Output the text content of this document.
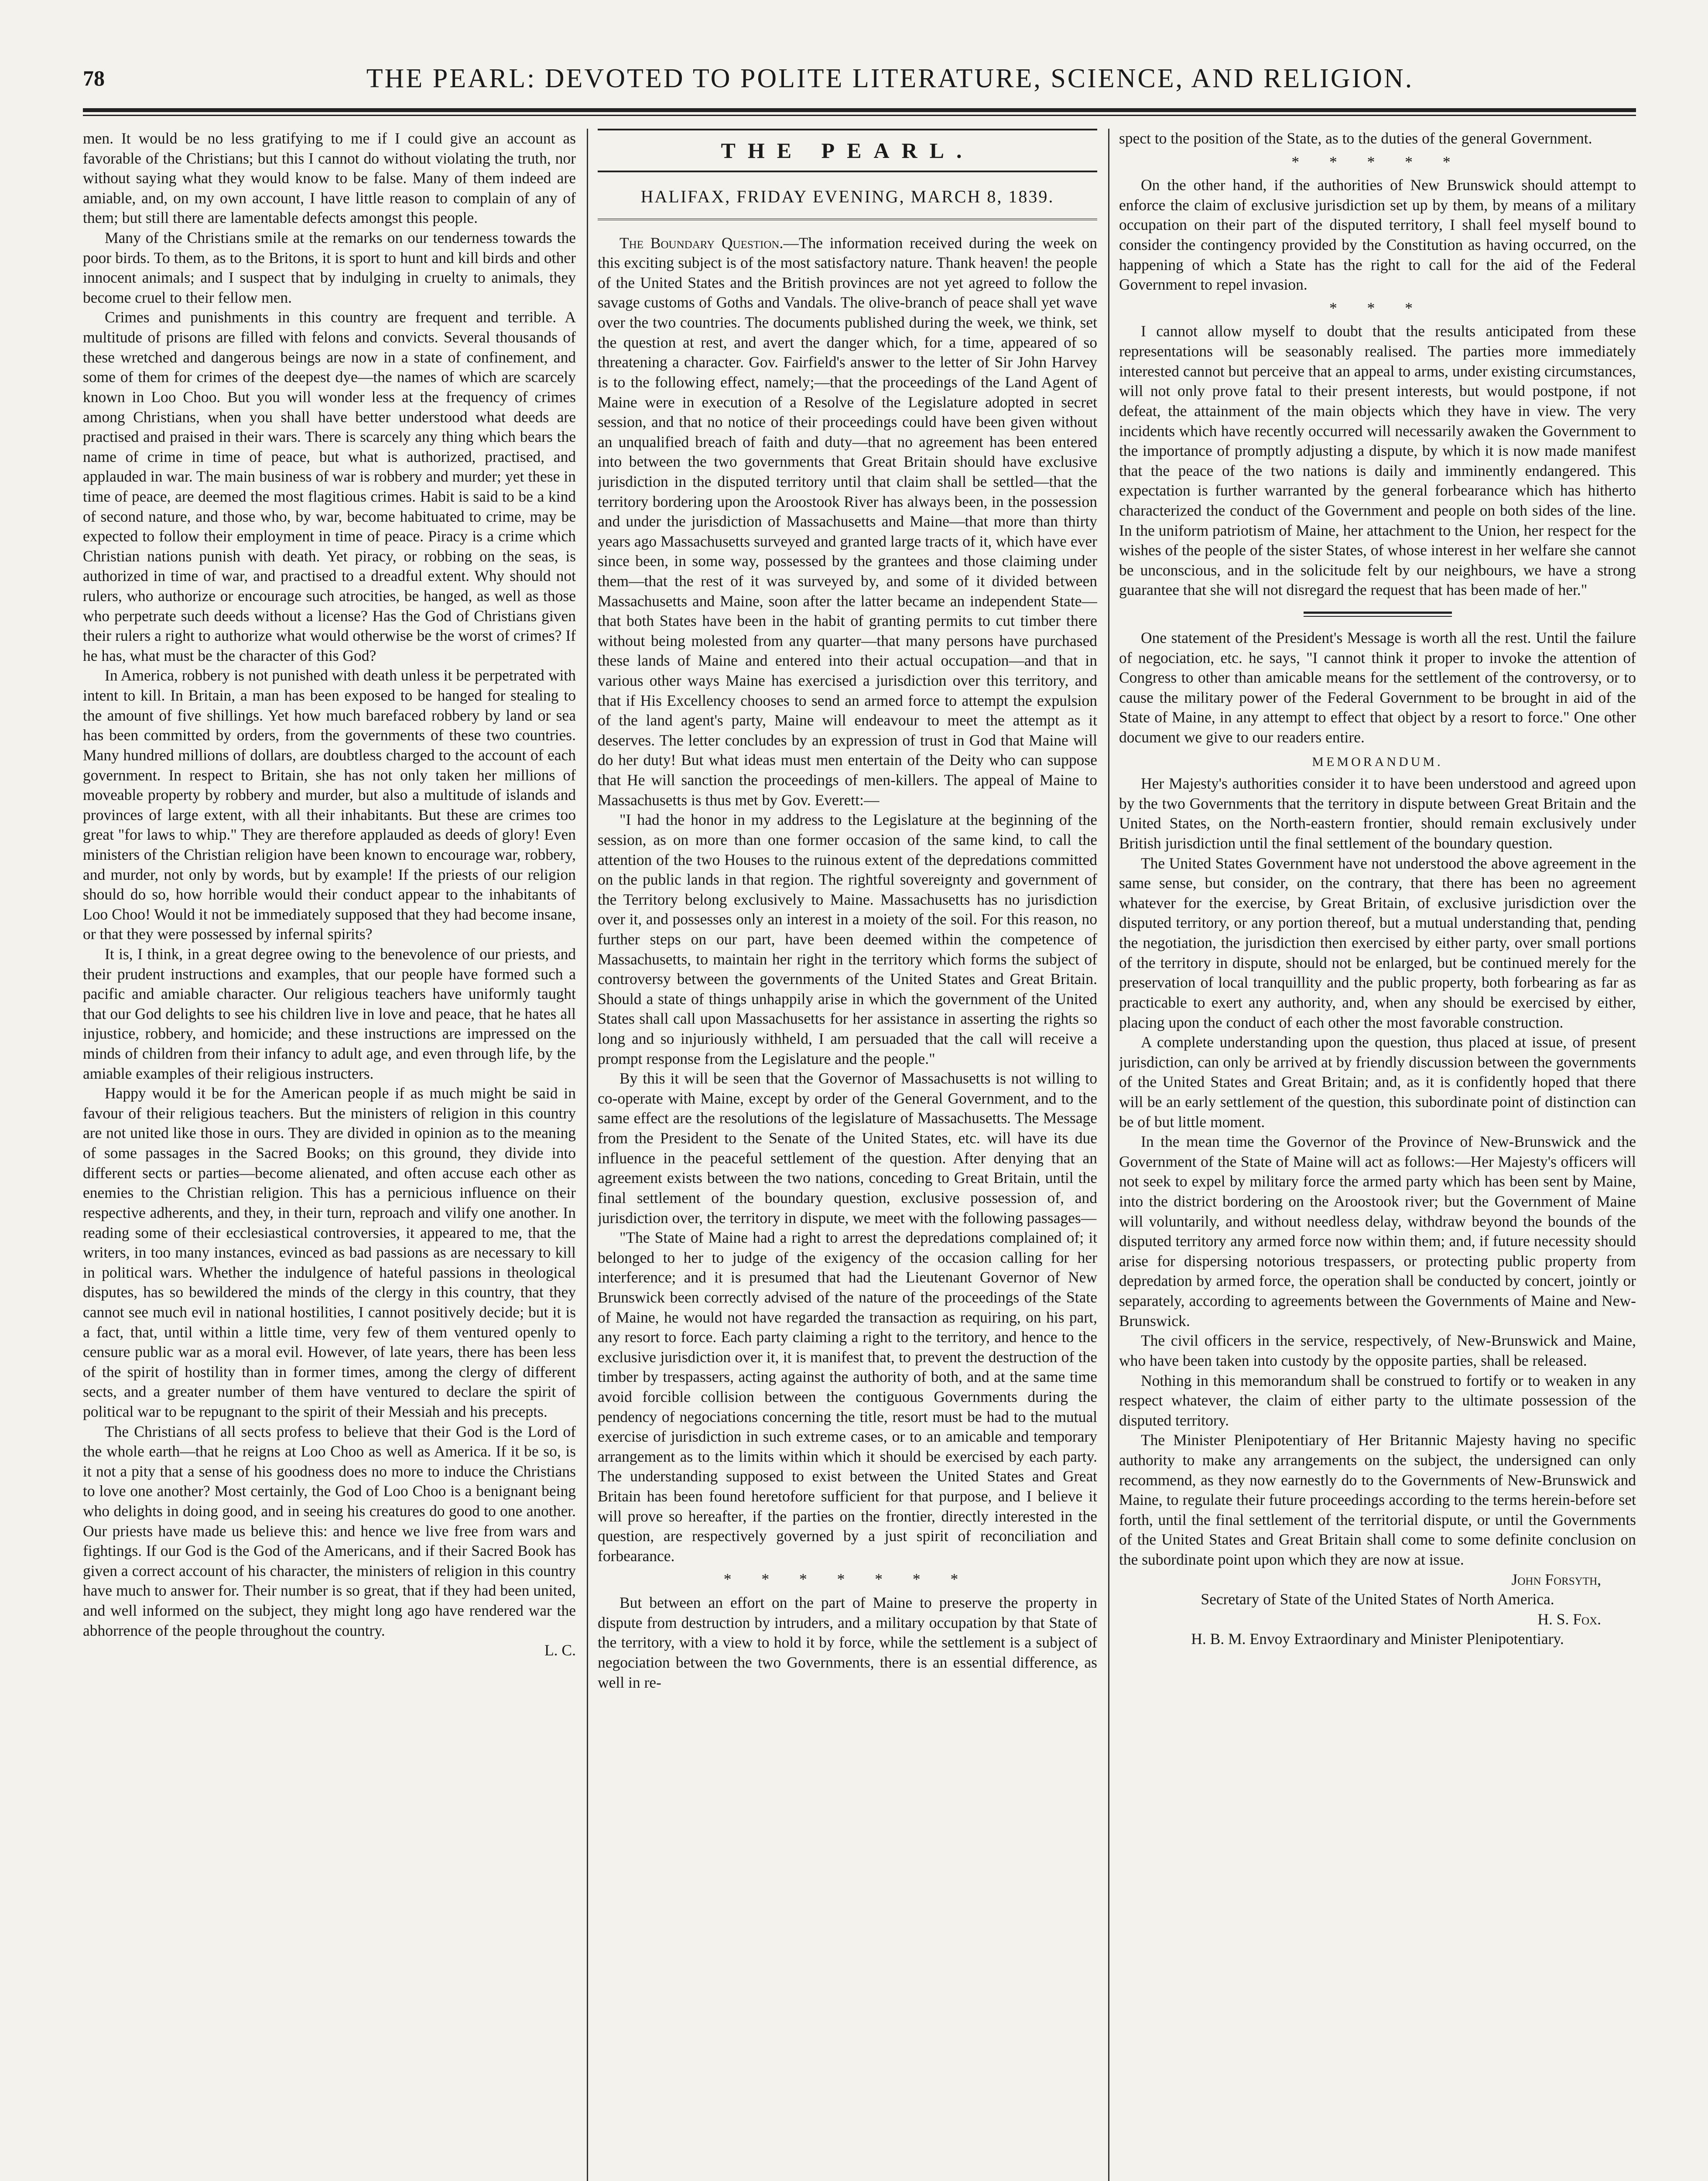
78	THE PEARL: DEVOTED TO POLITE LITERATURE, SCIENCE, AND RELIGION.

men. It would be no less gratifying to me if I could give an account as favorable of the Christians; but this I cannot do without violating the truth, nor without saying what they would know to be false. Many of them indeed are amiable, and, on my own account, I have little reason to complain of any of them; but still there are lamentable defects amongst this people.

Many of the Christians smile at the remarks on our tenderness towards the poor birds. To them, as to the Britons, it is sport to hunt and kill birds and other innocent animals; and I suspect that by indulging in cruelty to animals, they become cruel to their fellow men.

Crimes and punishments in this country are frequent and terrible. A multitude of prisons are filled with felons and convicts. Several thousands of these wretched and dangerous beings are now in a state of confinement, and some of them for crimes of the deepest dye—the names of which are scarcely known in Loo Choo. But you will wonder less at the frequency of crimes among Christians, when you shall have better understood what deeds are practised and praised in their wars. There is scarcely any thing which bears the name of crime in time of peace, but what is authorized, practised, and applauded in war. The main business of war is robbery and murder; yet these in time of peace, are deemed the most flagitious crimes. Habit is said to be a kind of second nature, and those who, by war, become habituated to crime, may be expected to follow their employment in time of peace. Piracy is a crime which Christian nations punish with death. Yet piracy, or robbing on the seas, is authorized in time of war, and practised to a dreadful extent. Why should not rulers, who authorize or encourage such atrocities, be hanged, as well as those who perpetrate such deeds without a license? Has the God of Christians given their rulers a right to authorize what would otherwise be the worst of crimes? If he has, what must be the character of this God?

In America, robbery is not punished with death unless it be perpetrated with intent to kill. In Britain, a man has been exposed to be hanged for stealing to the amount of five shillings. Yet how much barefaced robbery by land or sea has been committed by orders, from the governments of these two countries. Many hundred millions of dollars, are doubtless charged to the account of each government. In respect to Britain, she has not only taken her millions of moveable property by robbery and murder, but also a multitude of islands and provinces of large extent, with all their inhabitants. But these are crimes too great "for laws to whip." They are therefore applauded as deeds of glory! Even ministers of the Christian religion have been known to encourage war, robbery, and murder, not only by words, but by example! If the priests of our religion should do so, how horrible would their conduct appear to the inhabitants of Loo Choo! Would it not be immediately supposed that they had become insane, or that they were possessed by infernal spirits?

It is, I think, in a great degree owing to the benevolence of our priests, and their prudent instructions and examples, that our people have formed such a pacific and amiable character. Our religious teachers have uniformly taught that our God delights to see his children live in love and peace, that he hates all injustice, robbery, and homicide; and these instructions are impressed on the minds of children from their infancy to adult age, and even through life, by the amiable examples of their religious instructers.

Happy would it be for the American people if as much might be said in favour of their religious teachers. But the ministers of religion in this country are not united like those in ours. They are divided in opinion as to the meaning of some passages in the Sacred Books; on this ground, they divide into different sects or parties—become alienated, and often accuse each other as enemies to the Christian religion. This has a pernicious influence on their respective adherents, and they, in their turn, reproach and vilify one another. In reading some of their ecclesiastical controversies, it appeared to me, that the writers, in too many instances, evinced as bad passions as are necessary to kill in political wars. Whether the indulgence of hateful passions in theological disputes, has so bewildered the minds of the clergy in this country, that they cannot see much evil in national hostilities, I cannot positively decide; but it is a fact, that, until within a little time, very few of them ventured openly to censure public war as a moral evil. However, of late years, there has been less of the spirit of hostility than in former times, among the clergy of different sects, and a greater number of them have ventured to declare the spirit of political war to be repugnant to the spirit of their Messiah and his precepts.

The Christians of all sects profess to believe that their God is the Lord of the whole earth—that he reigns at Loo Choo as well as America. If it be so, is it not a pity that a sense of his goodness does no more to induce the Christians to love one another? Most certainly, the God of Loo Choo is a benignant being who delights in doing good, and in seeing his creatures do good to one another. Our priests have made us believe this: and hence we live free from wars and fightings. If our God is the God of the Americans, and if their Sacred Book has given a correct account of his character, the ministers of religion in this country have much to answer for. Their number is so great, that if they had been united, and well informed on the subject, they might long ago have rendered war the abhorrence of the people throughout the country.

L. C.

THE PEARL.
HALIFAX, FRIDAY EVENING, MARCH 8, 1839.

The Boundary Question.—The information received during the week on this exciting subject is of the most satisfactory nature. Thank heaven! the people of the United States and the British provinces are not yet agreed to follow the savage customs of Goths and Vandals. The olive-branch of peace shall yet wave over the two countries. The documents published during the week, we think, set the question at rest, and avert the danger which, for a time, appeared of so threatening a character. Gov. Fairfield's answer to the letter of Sir John Harvey is to the following effect, namely;—that the proceedings of the Land Agent of Maine were in execution of a Resolve of the Legislature adopted in secret session, and that no notice of their proceedings could have been given without an unqualified breach of faith and duty—that no agreement has been entered into between the two governments that Great Britain should have exclusive jurisdiction in the disputed territory until that claim shall be settled—that the territory bordering upon the Aroostook River has always been, in the possession and under the jurisdiction of Massachusetts and Maine—that more than thirty years ago Massachusetts surveyed and granted large tracts of it, which have ever since been, in some way, possessed by the grantees and those claiming under them—that the rest of it was surveyed by, and some of it divided between Massachusetts and Maine, soon after the latter became an independent State—that both States have been in the habit of granting permits to cut timber there without being molested from any quarter—that many persons have purchased these lands of Maine and entered into their actual occupation—and that in various other ways Maine has exercised a jurisdiction over this territory, and that if His Excellency chooses to send an armed force to attempt the expulsion of the land agent's party, Maine will endeavour to meet the attempt as it deserves. The letter concludes by an expression of trust in God that Maine will do her duty! But what ideas must men entertain of the Deity who can suppose that He will sanction the proceedings of men-killers. The appeal of Maine to Massachusetts is thus met by Gov. Everett:—

"I had the honor in my address to the Legislature at the beginning of the session, as on more than one former occasion of the same kind, to call the attention of the two Houses to the ruinous extent of the depredations committed on the public lands in that region. The rightful sovereignty and government of the Territory belong exclusively to Maine. Massachusetts has no jurisdiction over it, and possesses only an interest in a moiety of the soil. For this reason, no further steps on our part, have been deemed within the competence of Massachusetts, to maintain her right in the territory which forms the subject of controversy between the governments of the United States and Great Britain. Should a state of things unhappily arise in which the government of the United States shall call upon Massachusetts for her assistance in asserting the rights so long and so injuriously withheld, I am persuaded that the call will receive a prompt response from the Legislature and the people."

By this it will be seen that the Governor of Massachusetts is not willing to co-operate with Maine, except by order of the General Government, and to the same effect are the resolutions of the legislature of Massachusetts. The Message from the President to the Senate of the United States, etc. will have its due influence in the peaceful settlement of the question. After denying that an agreement exists between the two nations, conceding to Great Britain, until the final settlement of the boundary question, exclusive possession of, and jurisdiction over, the territory in dispute, we meet with the following passages—

"The State of Maine had a right to arrest the depredations complained of; it belonged to her to judge of the exigency of the occasion calling for her interference; and it is presumed that had the Lieutenant Governor of New Brunswick been correctly advised of the nature of the proceedings of the State of Maine, he would not have regarded the transaction as requiring, on his part, any resort to force. Each party claiming a right to the territory, and hence to the exclusive jurisdiction over it, it is manifest that, to prevent the destruction of the timber by trespassers, acting against the authority of both, and at the same time avoid forcible collision between the contiguous Governments during the pendency of negociations concerning the title, resort must be had to the mutual exercise of jurisdiction in such extreme cases, or to an amicable and temporary arrangement as to the limits within which it should be exercised by each party. The understanding supposed to exist between the United States and Great Britain has been found heretofore sufficient for that purpose, and I believe it will prove so hereafter, if the parties on the frontier, directly interested in the question, are respectively governed by a just spirit of reconciliation and forbearance.

* * * * * * *

But between an effort on the part of Maine to preserve the property in dispute from destruction by intruders, and a military occupation by that State of the territory, with a view to hold it by force, while the settlement is a subject of negociation between the two Governments, there is an essential difference, as well in re-

spect to the position of the State, as to the duties of the general Government.

* * * * *

On the other hand, if the authorities of New Brunswick should attempt to enforce the claim of exclusive jurisdiction set up by them, by means of a military occupation on their part of the disputed territory, I shall feel myself bound to consider the contingency provided by the Constitution as having occurred, on the happening of which a State has the right to call for the aid of the Federal Government to repel invasion.

* * *

I cannot allow myself to doubt that the results anticipated from these representations will be seasonably realised. The parties more immediately interested cannot but perceive that an appeal to arms, under existing circumstances, will not only prove fatal to their present interests, but would postpone, if not defeat, the attainment of the main objects which they have in view. The very incidents which have recently occurred will necessarily awaken the Government to the importance of promptly adjusting a dispute, by which it is now made manifest that the peace of the two nations is daily and imminently endangered. This expectation is further warranted by the general forbearance which has hitherto characterized the conduct of the Government and people on both sides of the line. In the uniform patriotism of Maine, her attachment to the Union, her respect for the wishes of the people of the sister States, of whose interest in her welfare she cannot be unconscious, and in the solicitude felt by our neighbours, we have a strong guarantee that she will not disregard the request that has been made of her."

One statement of the President's Message is worth all the rest. Until the failure of negociation, etc. he says, "I cannot think it proper to invoke the attention of Congress to other than amicable means for the settlement of the controversy, or to cause the military power of the Federal Government to be brought in aid of the State of Maine, in any attempt to effect that object by a resort to force." One other document we give to our readers entire.

MEMORANDUM.

Her Majesty's authorities consider it to have been understood and agreed upon by the two Governments that the territory in dispute between Great Britain and the United States, on the North-eastern frontier, should remain exclusively under British jurisdiction until the final settlement of the boundary question.

The United States Government have not understood the above agreement in the same sense, but consider, on the contrary, that there has been no agreement whatever for the exercise, by Great Britain, of exclusive jurisdiction over the disputed territory, or any portion thereof, but a mutual understanding that, pending the negotiation, the jurisdiction then exercised by either party, over small portions of the territory in dispute, should not be enlarged, but be continued merely for the preservation of local tranquillity and the public property, both forbearing as far as practicable to exert any authority, and, when any should be exercised by either, placing upon the conduct of each other the most favorable construction.

A complete understanding upon the question, thus placed at issue, of present jurisdiction, can only be arrived at by friendly discussion between the governments of the United States and Great Britain; and, as it is confidently hoped that there will be an early settlement of the question, this subordinate point of distinction can be of but little moment.

In the mean time the Governor of the Province of New-Brunswick and the Government of the State of Maine will act as follows:—Her Majesty's officers will not seek to expel by military force the armed party which has been sent by Maine, into the district bordering on the Aroostook river; but the Government of Maine will voluntarily, and without needless delay, withdraw beyond the bounds of the disputed territory any armed force now within them; and, if future necessity should arise for dispersing notorious trespassers, or protecting public property from depredation by armed force, the operation shall be conducted by concert, jointly or separately, according to agreements between the Governments of Maine and New-Brunswick.

The civil officers in the service, respectively, of New-Brunswick and Maine, who have been taken into custody by the opposite parties, shall be released.

Nothing in this memorandum shall be construed to fortify or to weaken in any respect whatever, the claim of either party to the ultimate possession of the disputed territory.

The Minister Plenipotentiary of Her Britannic Majesty having no specific authority to make any arrangements on the subject, the undersigned can only recommend, as they now earnestly do to the Governments of New-Brunswick and Maine, to regulate their future proceedings according to the terms herein-before set forth, until the final settlement of the territorial dispute, or until the Governments of the United States and Great Britain shall come to some definite conclusion on the subordinate point upon which they are now at issue.

John Forsyth,

Secretary of State of the United States of North America.

H. S. Fox.

H. B. M. Envoy Extraordinary and Minister Plenipotentiary.
